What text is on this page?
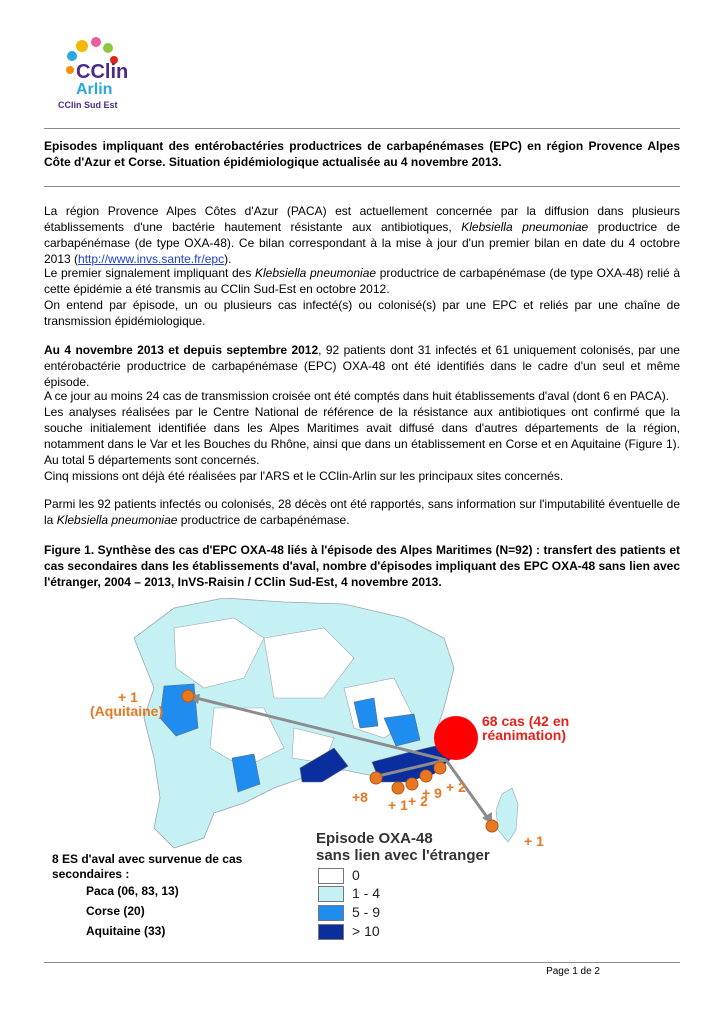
CClin
Arlin
CClin Sud Est
Episodes impliquant des entérobactéries productrices de carbapénémases (EPC) en région Provence Alpes Côte d'Azur et Corse. Situation épidémiologique actualisée au 4 novembre 2013.

La région Provence Alpes Côtes d'Azur (PACA) est actuellement concernée par la diffusion dans plusieurs établissements d'une bactérie hautement résistante aux antibiotiques, Klebsiella pneumoniae productrice de carbapénémase (de type OXA-48). Ce bilan correspondant à la mise à jour d'un premier bilan en date du 4 octobre 2013 (http://www.invs.sante.fr/epc).

Le premier signalement impliquant des Klebsiella pneumoniae productrice de carbapénémase (de type OXA-48) relié à cette épidémie a été transmis au CClin Sud-Est en octobre 2012.

On entend par épisode, un ou plusieurs cas infecté(s) ou colonisé(s) par une EPC et reliés par une chaîne de transmission épidémiologique.

Au 4 novembre 2013 et depuis septembre 2012, 92 patients dont 31 infectés et 61 uniquement colonisés, par une entérobactérie productrice de carbapénémase (EPC) OXA-48 ont été identifiés dans le cadre d'un seul et même épisode.

A ce jour au moins 24 cas de transmission croisée ont été comptés dans huit établissements d'aval (dont 6 en PACA).

Les analyses réalisées par le Centre National de référence de la résistance aux antibiotiques ont confirmé que la souche initialement identifiée dans les Alpes Maritimes avait diffusé dans d'autres départements de la région, notamment dans le Var et les Bouches du Rhône, ainsi que dans un établissement en Corse et en Aquitaine (Figure 1). Au total 5 départements sont concernés.

Cinq missions ont déjà été réalisées par l'ARS et le CClin-Arlin sur les principaux sites concernés.

Parmi les 92 patients infectés ou colonisés, 28 décès ont été rapportés, sans information sur l'imputabilité éventuelle de la Klebsiella pneumoniae productrice de carbapénémase.

Figure 1. Synthèse des cas d'EPC OXA-48 liés à l'épisode des Alpes Maritimes (N=92) : transfert des patients et cas secondaires dans les établissements d'aval, nombre d'épisodes impliquant des EPC OXA-48 sans lien avec l'étranger, 2004 – 2013, InVS-Raisin / CClin Sud-Est, 4 novembre 2013.
+ 1
(Aquitaine)
68 cas (42 en
réanimation)
+8 + 1 + 2
+ 9 + 2
+ 1
Episode OXA-48
sans lien avec l'étranger
0
1 - 4
5 - 9
> 10
8 ES d'aval avec survenue de cas
secondaires :
Paca (06, 83, 13)
Corse (20)
Aquitaine (33)
Page 1 de 2
